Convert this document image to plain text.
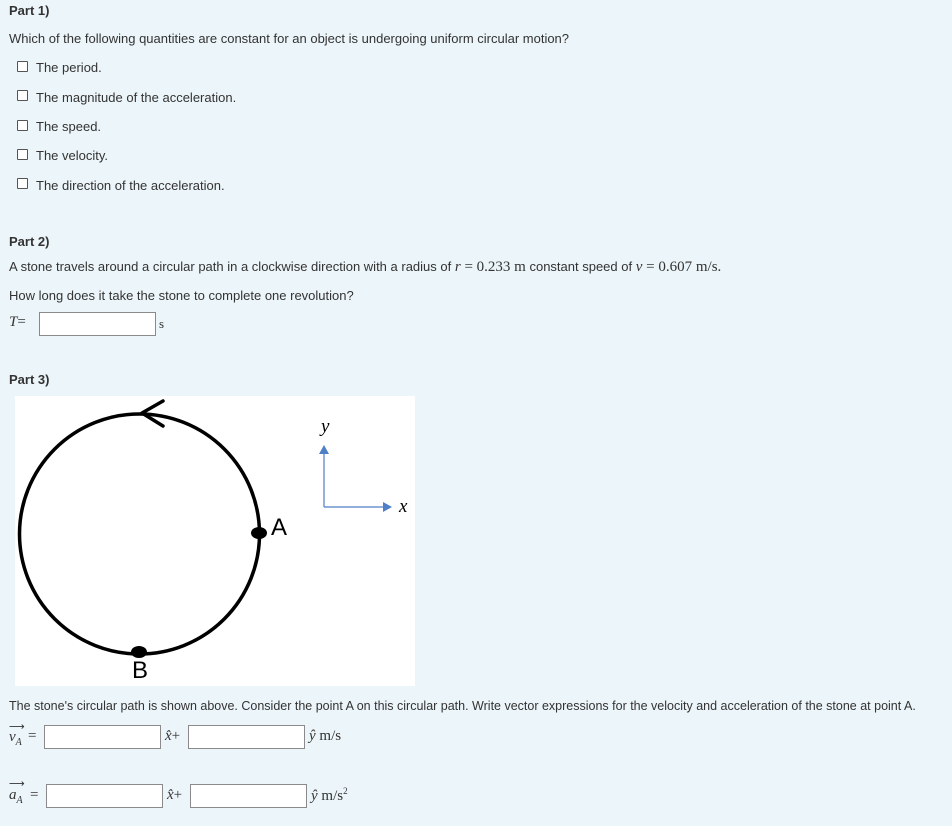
Part 1)
Which of the following quantities are constant for an object is undergoing uniform circular motion?
The period.
The magnitude of the acceleration.
The speed.
The velocity.
The direction of the acceleration.
Part 2)
A stone travels around a circular path in a clockwise direction with a radius of r = 0.233 m constant speed of v = 0.607 m/s.
How long does it take the stone to complete one revolution?
T=	s
Part 3)
y
x
A
B
The stone's circular path is shown above. Consider the point A on this circular path. Write vector expressions for the velocity and acceleration of the stone at point A.
⟶
$v_A$ =	x̂+	ŷ m/s
⟶
$a_A$ =	x̂+	ŷ $m/s^2$
